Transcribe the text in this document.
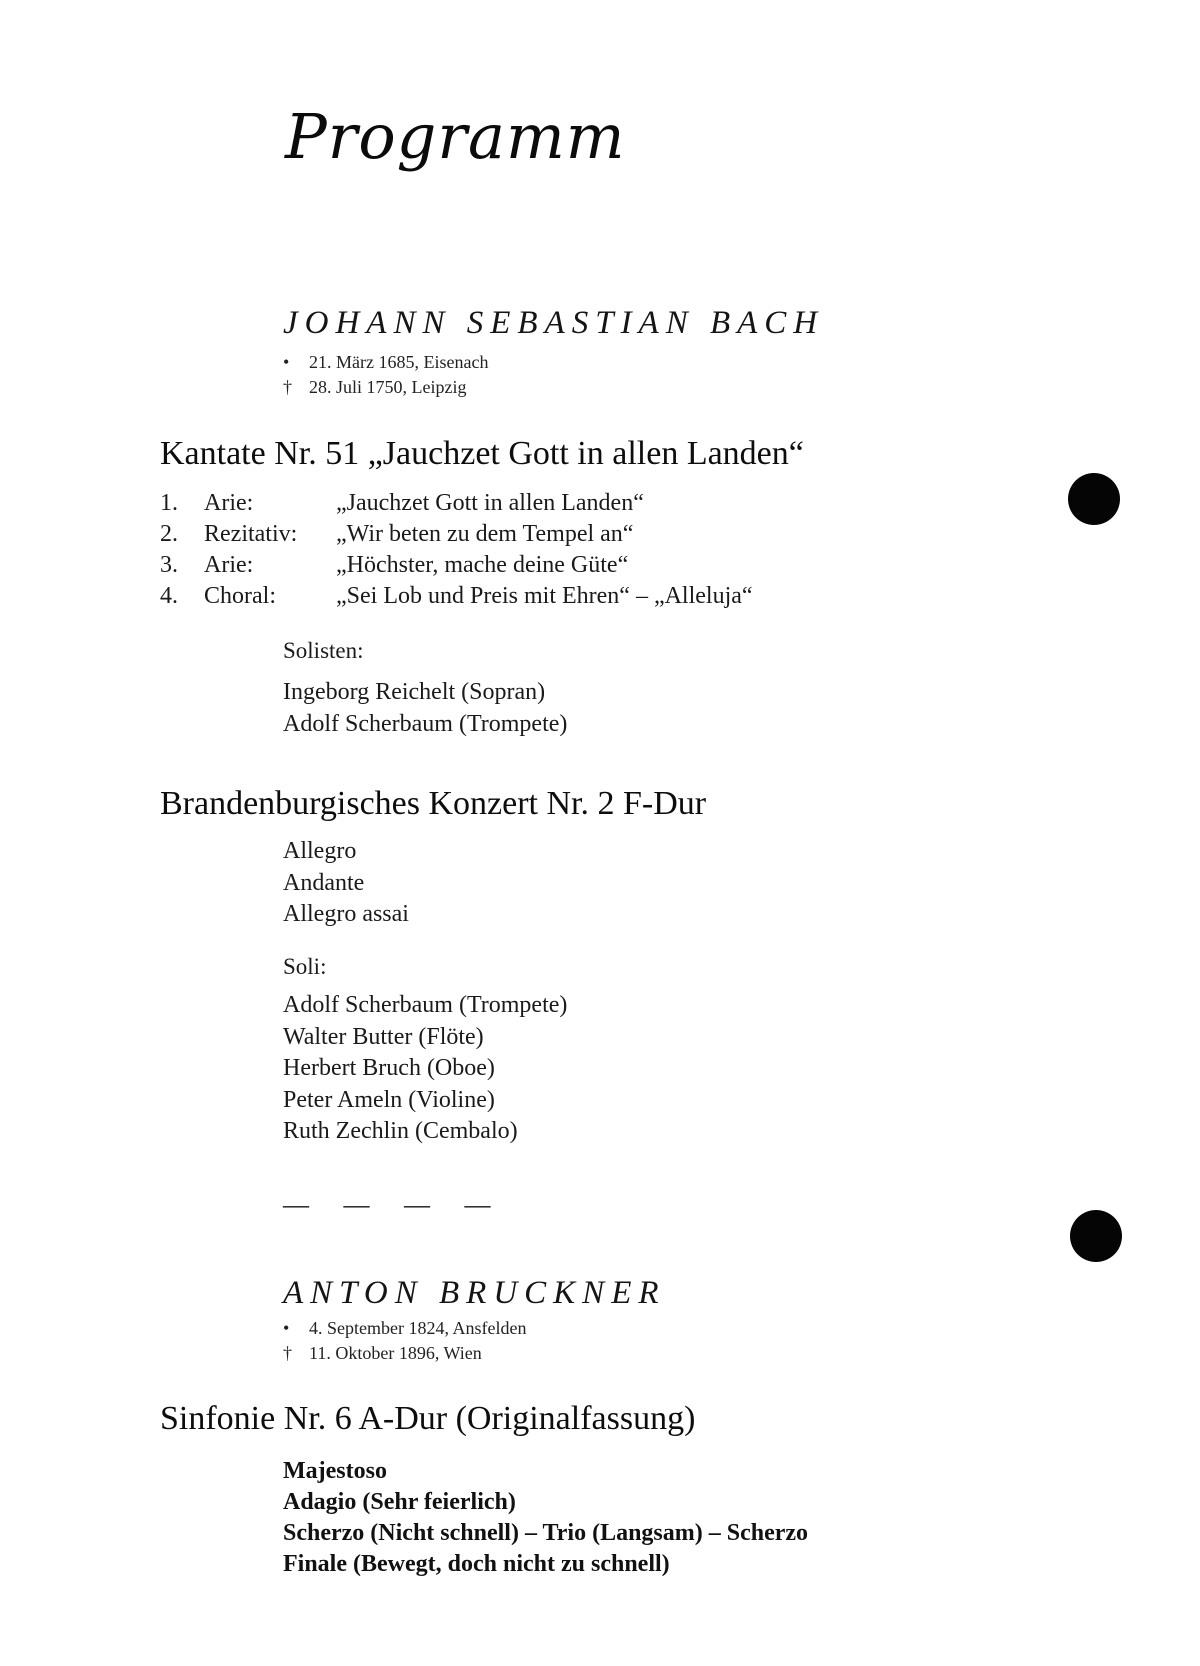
Programm
JOHANN SEBASTIAN BACH
• 21. März 1685, Eisenach
† 28. Juli 1750, Leipzig
Kantate Nr. 51 „Jauchzet Gott in allen Landen“
1. Arie:	„Jauchzet Gott in allen Landen“
2. Rezitativ: „Wir beten zu dem Tempel an“
3. Arie:	„Höchster, mache deine Güte“
4. Choral:	„Sei Lob und Preis mit Ehren“ – „Alleluja“
Solisten:
Ingeborg Reichelt (Sopran)
Adolf Scherbaum (Trompete)
Brandenburgisches Konzert Nr. 2 F-Dur
Allegro
Andante
Allegro assai
Soli:
Adolf Scherbaum (Trompete)
Walter Butter (Flöte)
Herbert Bruch (Oboe)
Peter Ameln (Violine)
Ruth Zechlin (Cembalo)
— — — —
ANTON BRUCKNER
• 4. September 1824, Ansfelden
† 11. Oktober 1896, Wien
Sinfonie Nr. 6 A-Dur (Originalfassung)
Majestoso
Adagio (Sehr feierlich)
Scherzo (Nicht schnell) – Trio (Langsam) – Scherzo
Finale (Bewegt, doch nicht zu schnell)
